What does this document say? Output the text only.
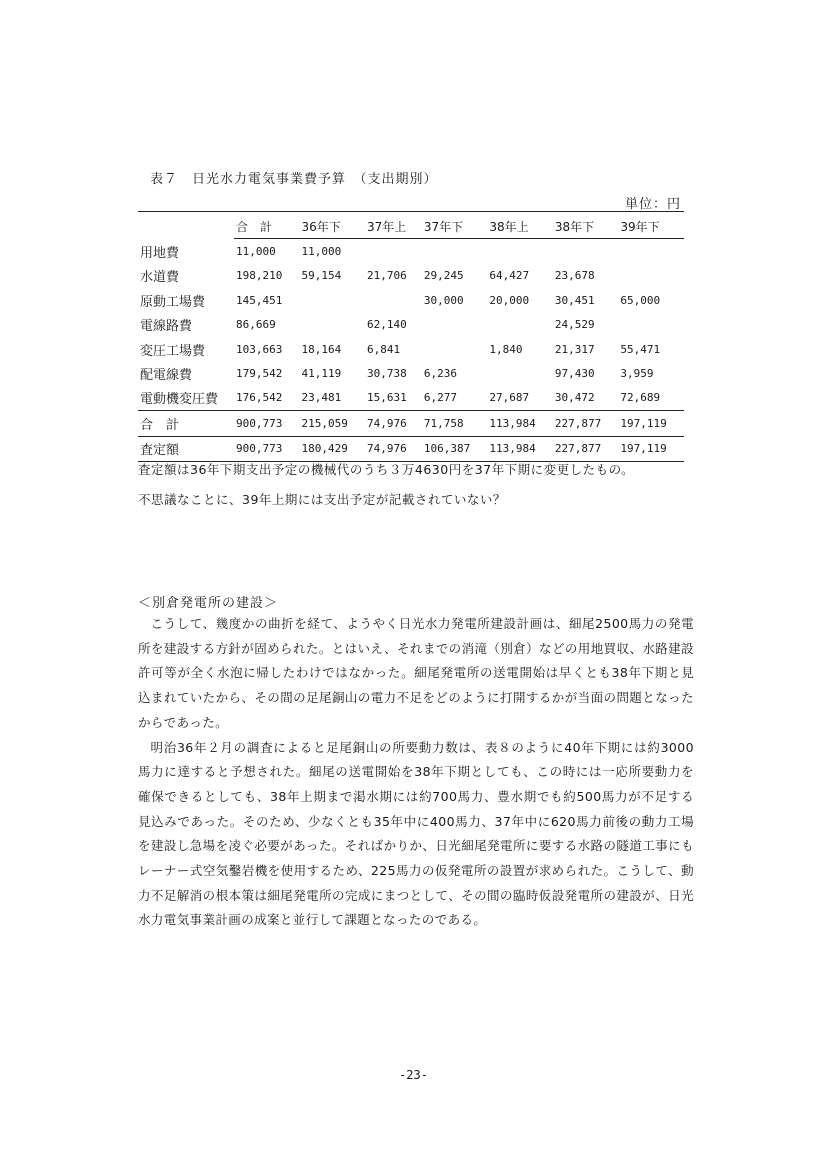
表７　日光水力電気事業費予算　（支出期別）
単位：円
	合　計	36年下	37年上	37年下	38年上	38年下	39年下
用地費	11,000	11,000					
水道費	198,210	59,154	21,706	29,245	64,427	23,678	
原動工場費	145,451			30,000	20,000	30,451	65,000
電線路費	86,669		62,140			24,529	
変圧工場費	103,663	18,164	6,841		1,840	21,317	55,471
配電線費	179,542	41,119	30,738	6,236		97,430	3,959
電動機変圧費	176,542	23,481	15,631	6,277	27,687	30,472	72,689
合　計	900,773	215,059	74,976	71,758	113,984	227,877	197,119
査定額	900,773	180,429	74,976	106,387	113,984	227,877	197,119
査定額は36年下期支出予定の機械代のうち３万4630円を37年下期に変更したもの。
不思議なことに、39年上期には支出予定が記載されていない？
＜別倉発電所の建設＞

こうして、幾度かの曲折を経て、ようやく日光水力発電所建設計画は、細尾2500馬力の発電所を建設する方針が固められた。とはいえ、それまでの消滝（別倉）などの用地買収、水路建設許可等が全く水泡に帰したわけではなかった。細尾発電所の送電開始は早くとも38年下期と見込まれていたから、その間の足尾銅山の電力不足をどのように打開するかが当面の問題となったからであった。

明治36年２月の調査によると足尾銅山の所要動力数は、表８のように40年下期には約3000馬力に達すると予想された。細尾の送電開始を38年下期としても、この時には一応所要動力を確保できるとしても、38年上期まで渇水期には約700馬力、豊水期でも約500馬力が不足する見込みであった。そのため、少なくとも35年中に400馬力、37年中に620馬力前後の動力工場を建設し急場を凌ぐ必要があった。そればかりか、日光細尾発電所に要する水路の隧道工事にもレーナー式空気鑿岩機を使用するため、225馬力の仮発電所の設置が求められた。こうして、動力不足解消の根本策は細尾発電所の完成にまつとして、その間の臨時仮設発電所の建設が、日光水力電気事業計画の成案と並行して課題となったのである。

-23-
